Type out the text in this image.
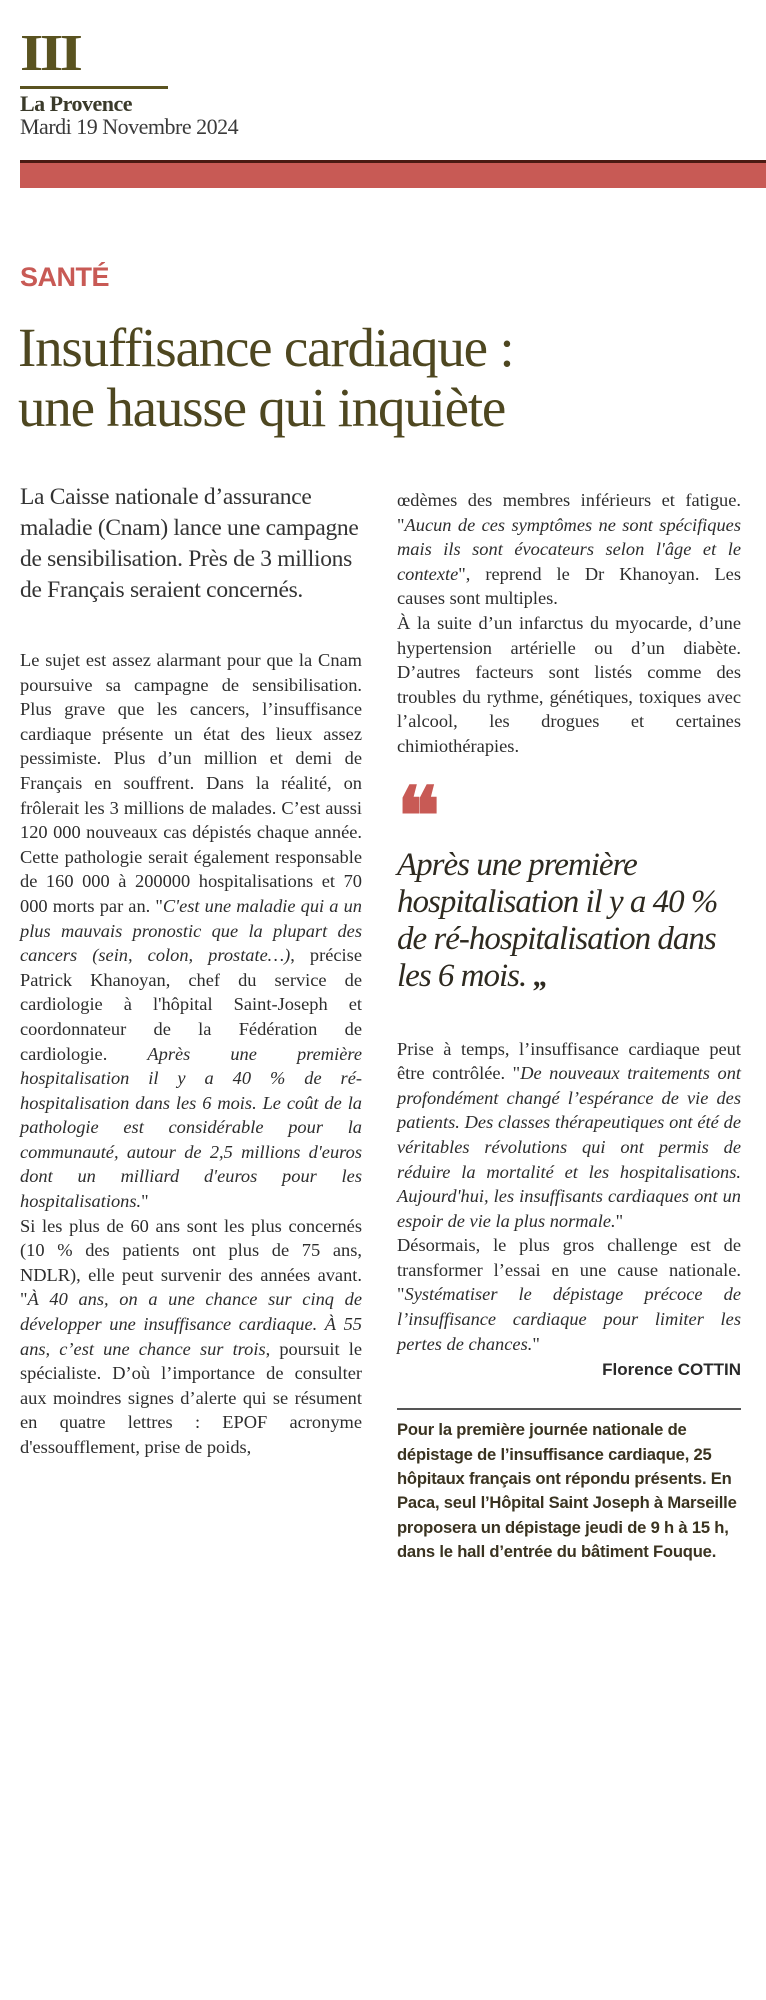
III
La Provence
Mardi 19 Novembre 2024
SANTÉ
Insuffisance cardiaque :
une hausse qui inquiète

La Caisse nationale d’assurance maladie (Cnam) lance une campagne de sensibilisation. Près de 3 millions de Français seraient concernés.

Le sujet est assez alarmant pour que la Cnam poursuive sa campagne de sensibilisation. Plus grave que les cancers, l’insuffisance cardiaque présente un état des lieux assez pessimiste. Plus d’un million et demi de Français en souffrent. Dans la réalité, on frôlerait les 3 millions de malades. C’est aussi 120 000 nouveaux cas dépistés chaque année. Cette pathologie serait également responsable de 160 000 à 200000 hospitalisations et 70 000 morts par an. "C'est une maladie qui a un plus mauvais pronostic que la plupart des cancers (sein, colon, prostate…), précise Patrick Khanoyan, chef du service de cardiologie à l'hôpital Saint-Joseph et coordonnateur de la Fédération de cardiologie. Après une première hospitalisation il y a 40 % de ré-hospitalisation dans les 6 mois. Le coût de la pathologie est considérable pour la communauté, autour de 2,5 millions d'euros dont un milliard d'euros pour les hospitalisations."

Si les plus de 60 ans sont les plus concernés (10 % des patients ont plus de 75 ans, NDLR), elle peut survenir des années avant. "À 40 ans, on a une chance sur cinq de développer une insuffisance cardiaque. À 55 ans, c’est une chance sur trois, poursuit le spécialiste. D’où l’importance de consulter aux moindres signes d’alerte qui se résument en quatre lettres : EPOF acronyme d'essoufflement, prise de poids,

œdèmes des membres inférieurs et fatigue. "Aucun de ces symptômes ne sont spécifiques mais ils sont évocateurs selon l'âge et le contexte", reprend le Dr Khanoyan. Les causes sont multiples.

À la suite d’un infarctus du myocarde, d’une hypertension artérielle ou d’un diabète. D’autres facteurs sont listés comme des troubles du rythme, génétiques, toxiques avec l’alcool, les drogues et certaines chimiothérapies.

❝
Après une première hospitalisation il y a 40 % de ré-hospitalisation dans les 6 mois. „

Prise à temps, l’insuffisance cardiaque peut être contrôlée. "De nouveaux traitements ont profondément changé l’espérance de vie des patients. Des classes thérapeutiques ont été de véritables révolutions qui ont permis de réduire la mortalité et les hospitalisations. Aujourd'hui, les insuffisants cardiaques ont un espoir de vie la plus normale."

Désormais, le plus gros challenge est de transformer l’essai en une cause nationale. "Systématiser le dépistage précoce de l’insuffisance cardiaque pour limiter les pertes de chances."

Florence COTTIN
Pour la première journée nationale de dépistage de l’insuffisance cardiaque, 25 hôpitaux français ont répondu présents. En Paca, seul l’Hôpital Saint Joseph à Marseille proposera un dépistage jeudi de 9 h à 15 h, dans le hall d’entrée du bâtiment Fouque.
